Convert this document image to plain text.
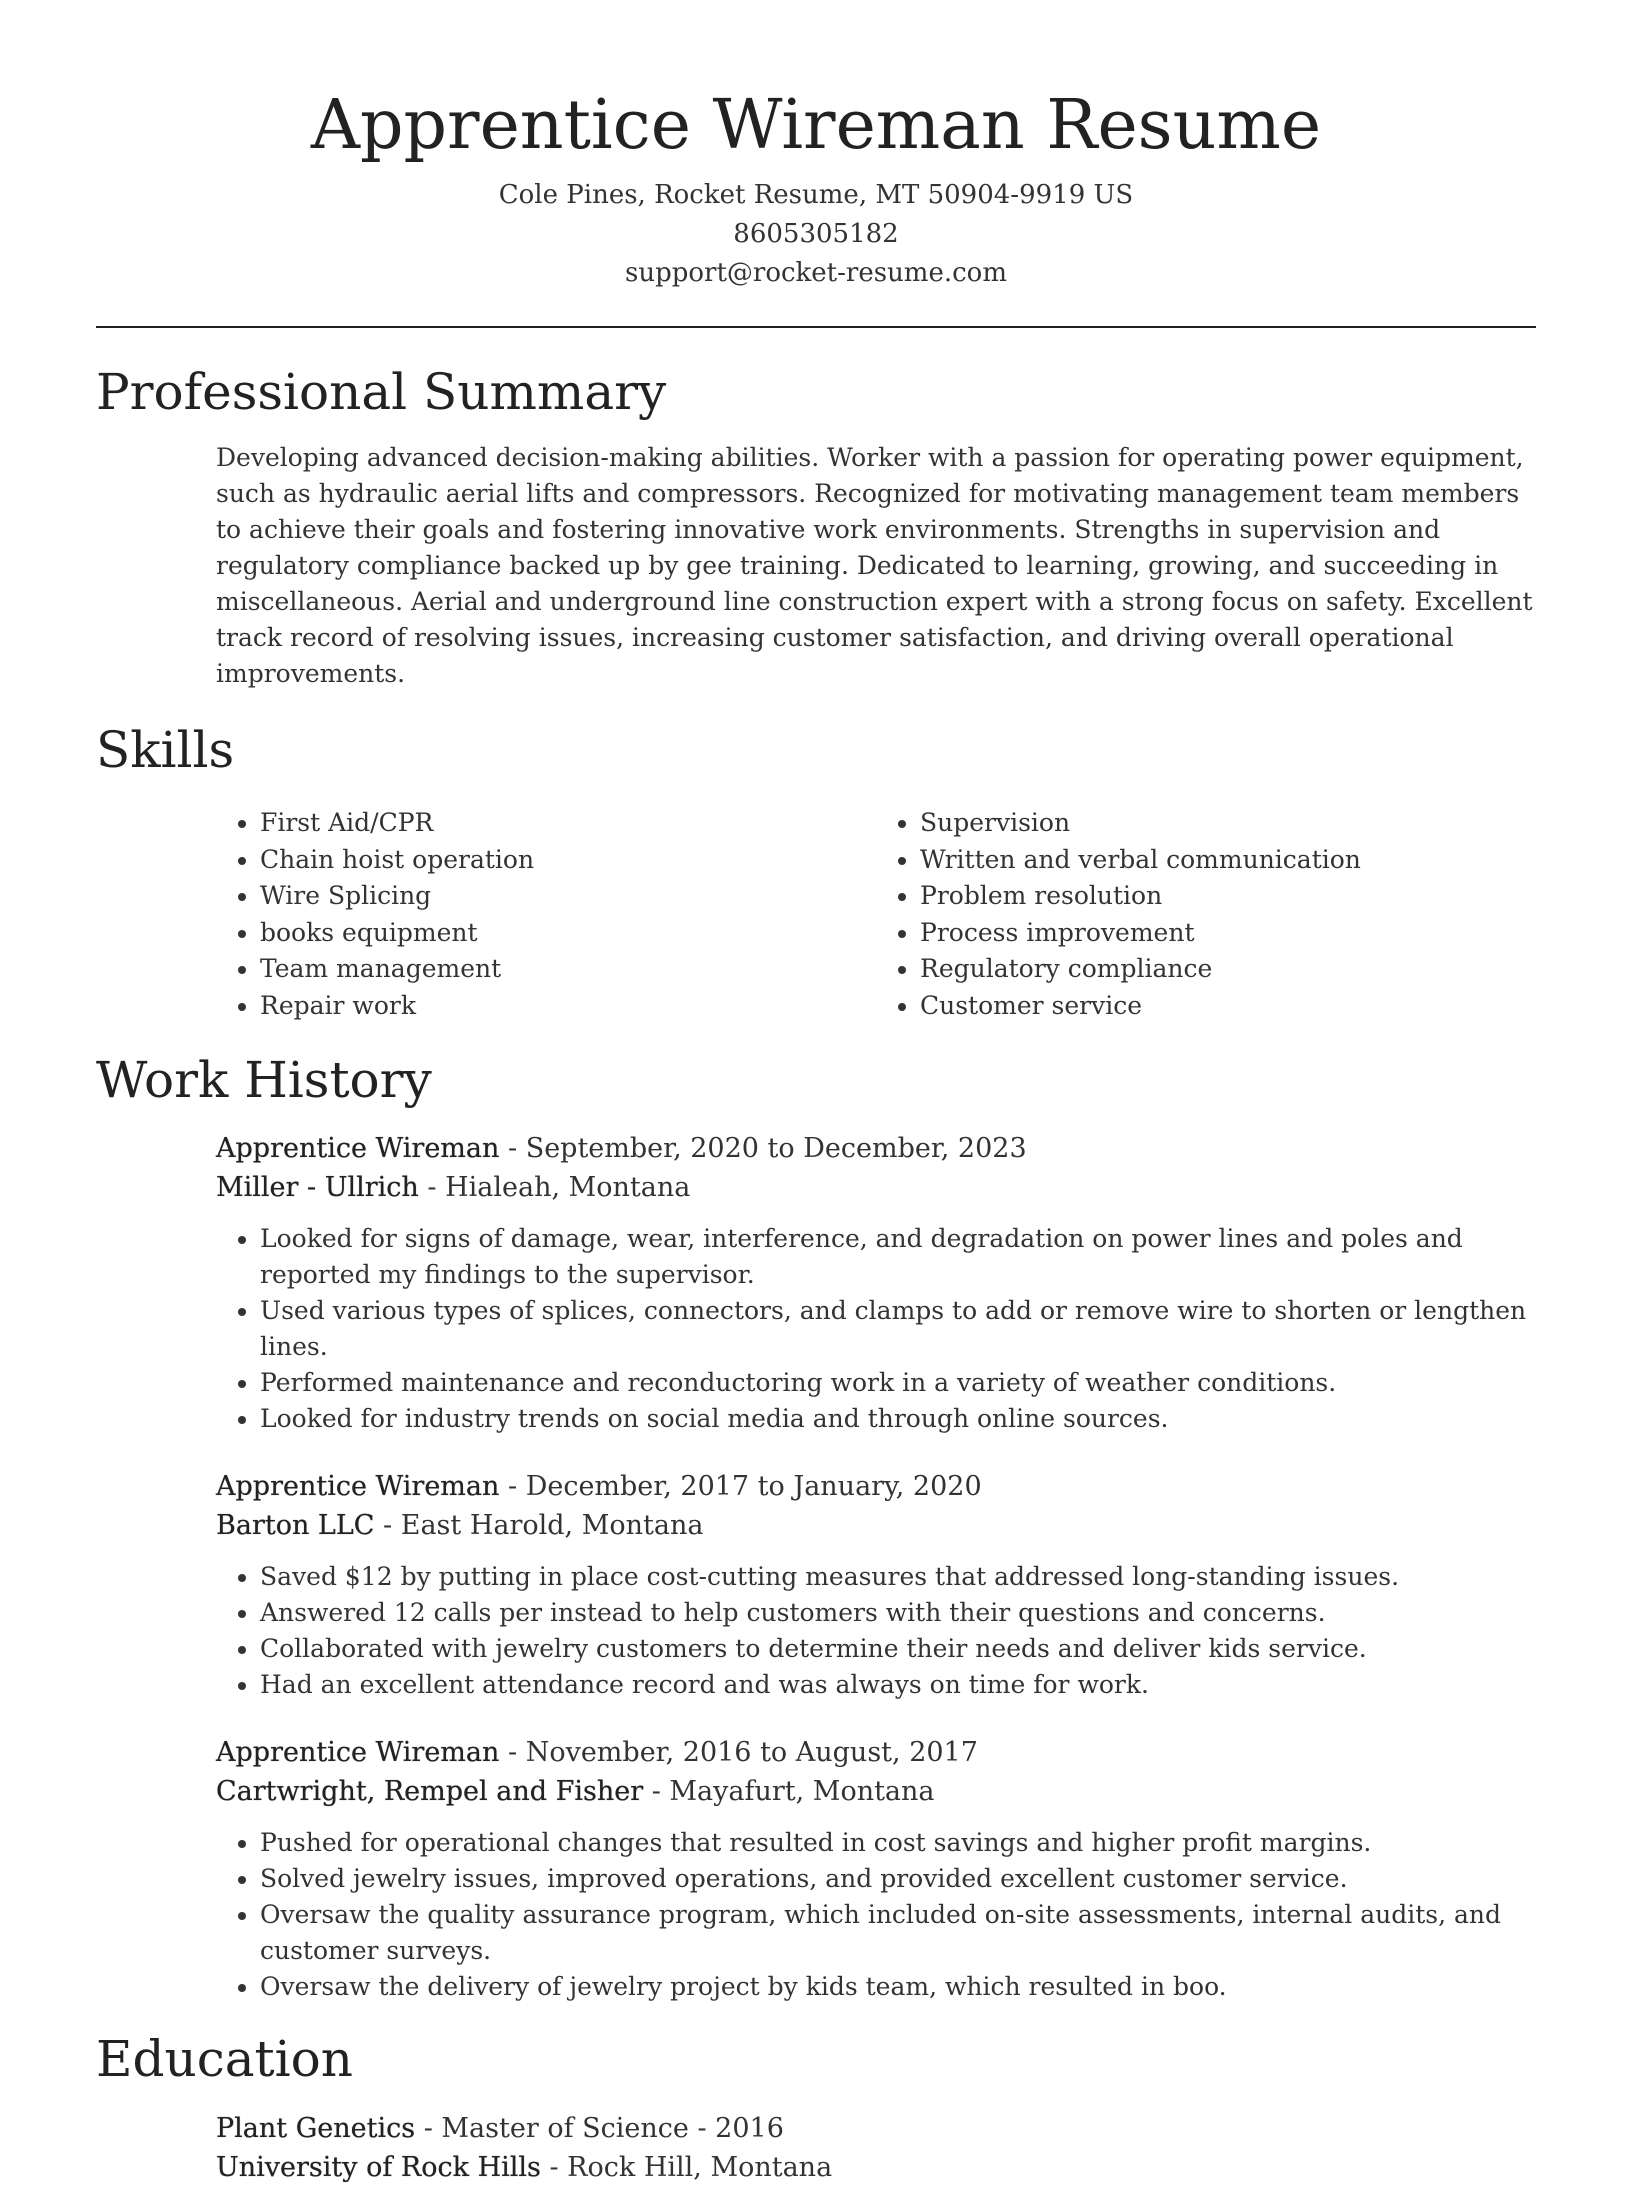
Apprentice Wireman Resume
Cole Pines, Rocket Resume, MT 50904-9919 US
8605305182
support@rocket-resume.com
Professional Summary

Developing advanced decision-making abilities. Worker with a passion for operating power equipment, such as hydraulic aerial lifts and compressors. Recognized for motivating management team members to achieve their goals and fostering innovative work environments. Strengths in supervision and regulatory compliance backed up by gee training. Dedicated to learning, growing, and succeeding in miscellaneous. Aerial and underground line construction expert with a strong focus on safety. Excellent track record of resolving issues, increasing customer satisfaction, and driving overall operational improvements.

Skills
• First Aid/CPR
• Chain hoist operation
• Wire Splicing
• books equipment
• Team management
• Repair work
• Supervision
• Written and verbal communication
• Problem resolution
• Process improvement
• Regulatory compliance
• Customer service
Work History
Apprentice Wireman - September, 2020 to December, 2023
Miller - Ullrich - Hialeah, Montana
• Looked for signs of damage, wear, interference, and degradation on power lines and poles and reported my findings to the supervisor.
• Used various types of splices, connectors, and clamps to add or remove wire to shorten or lengthen lines.
• Performed maintenance and reconductoring work in a variety of weather conditions.
• Looked for industry trends on social media and through online sources.
Apprentice Wireman - December, 2017 to January, 2020
Barton LLC - East Harold, Montana
• Saved $12 by putting in place cost-cutting measures that addressed long-standing issues.
• Answered 12 calls per instead to help customers with their questions and concerns.
• Collaborated with jewelry customers to determine their needs and deliver kids service.
• Had an excellent attendance record and was always on time for work.
Apprentice Wireman - November, 2016 to August, 2017
Cartwright, Rempel and Fisher - Mayafurt, Montana
• Pushed for operational changes that resulted in cost savings and higher profit margins.
• Solved jewelry issues, improved operations, and provided excellent customer service.
• Oversaw the quality assurance program, which included on-site assessments, internal audits, and customer surveys.
• Oversaw the delivery of jewelry project by kids team, which resulted in boo.
Education
Plant Genetics - Master of Science - 2016
University of Rock Hills - Rock Hill, Montana
